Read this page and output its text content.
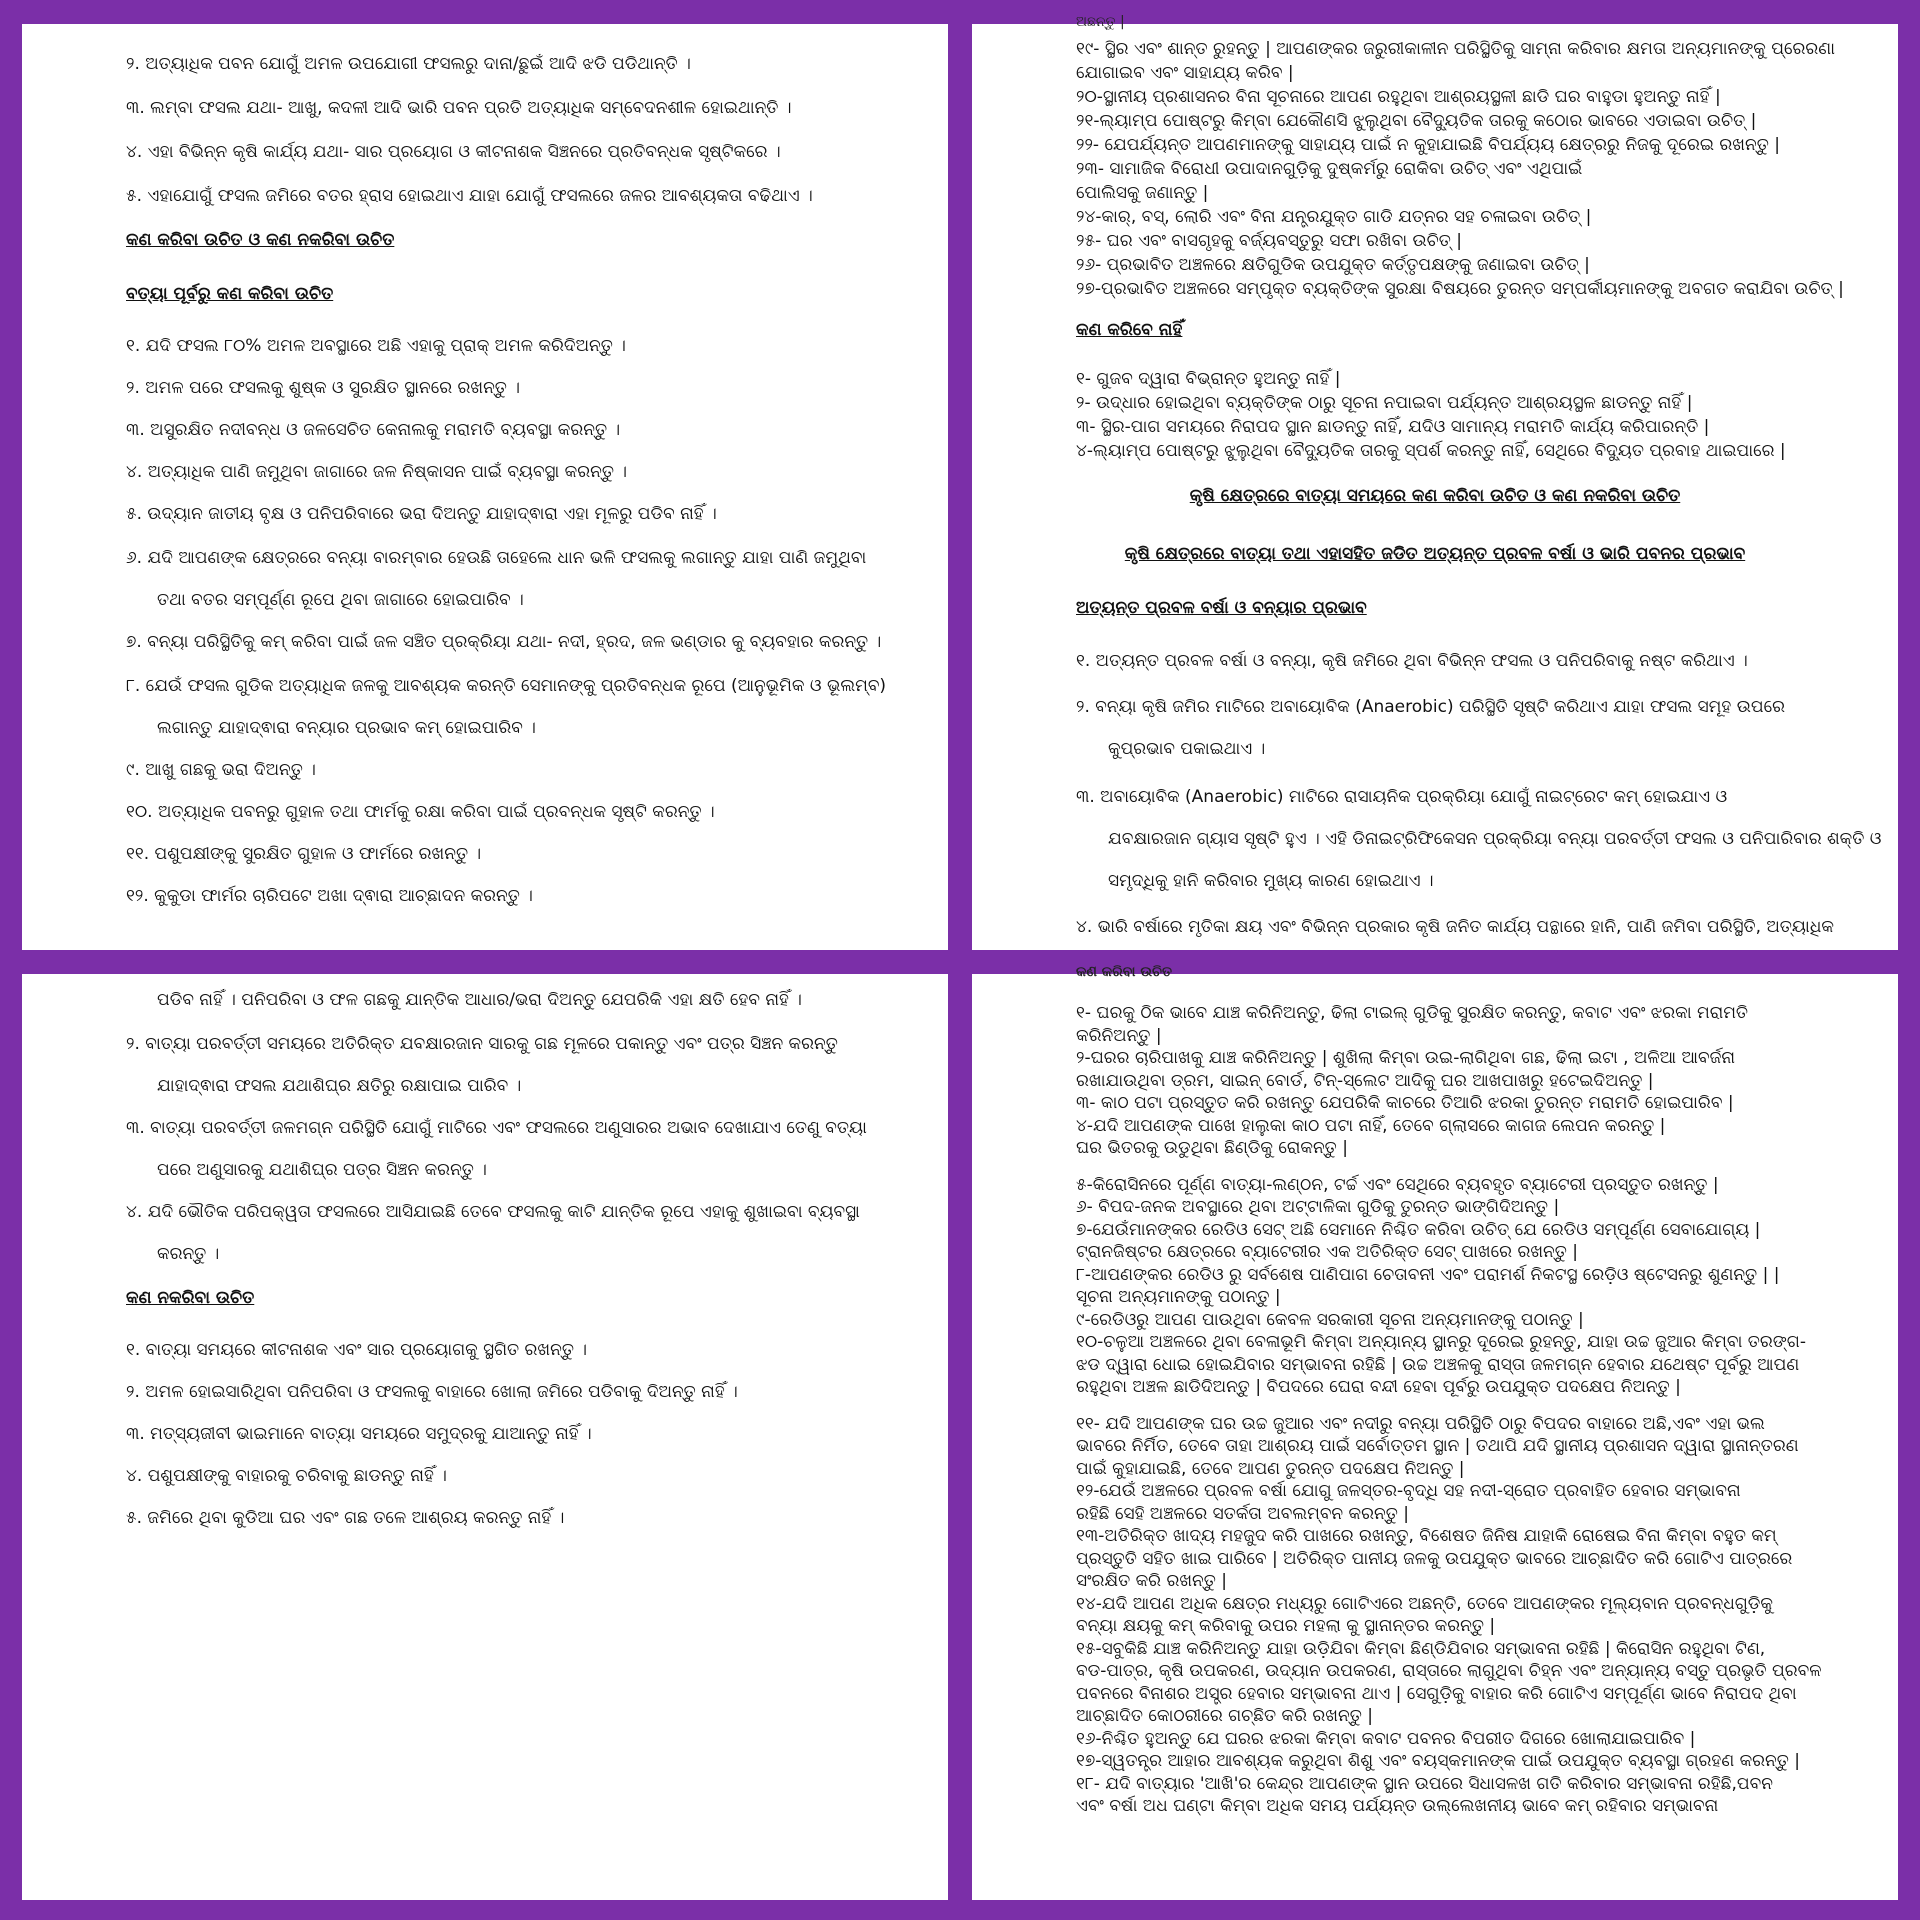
୨. ଅତ୍ୟାଧିକ ପବନ ଯୋଗୁଁ ଅମଳ ଉପଯୋଗୀ ଫସଲରୁ ଦାନା/ଛୁଇଁ ଆଦି ଝଡି ପଡିଥାନ୍ତି ।
୩. ଲମ୍ବା ଫସଲ ଯଥା- ଆଖୁ, କଦଳୀ ଆଦି ଭାରି ପବନ ପ୍ରତି ଅତ୍ୟାଧିକ ସମ୍ବେଦନଶୀଳ ହୋଇଥାନ୍ତି ।
୪. ଏହା ବିଭିନ୍ନ କୃଷି କାର୍ଯ୍ୟ ଯଥା- ସାର ପ୍ରୟୋଗ ଓ କୀଟନାଶକ ସିଞ୍ଚନରେ ପ୍ରତିବନ୍ଧକ ସୃଷ୍ଟିକରେ ।
୫. ଏହାଯୋଗୁଁ ଫସଲ ଜମିରେ ବତର ହ୍ରାସ ହୋଇଥାଏ ଯାହା ଯୋଗୁଁ ଫସଲରେ ଜଳର ଆବଶ୍ୟକତା ବଢିଥାଏ ।
କଣ କରିବା ଉଚିତ ଓ କଣ ନକରିବା ଉଚିତ
ବତ୍ୟା ପୂର୍ବରୁ କଣ କରିବା ଉଚିତ
୧. ଯଦି ଫସଲ ୮୦% ଅମଳ ଅବସ୍ଥାରେ ଅଛି ଏହାକୁ ପ୍ରାକ୍ ଅମଳ କରିଦିଅନ୍ତୁ ।
୨. ଅମଳ ପରେ ଫସଲକୁ ଶୁଷ୍କ ଓ ସୁରକ୍ଷିତ ସ୍ଥାନରେ ରଖନ୍ତୁ ।
୩. ଅସୁରକ୍ଷିତ ନଦୀବନ୍ଧ ଓ ଜଳସେଚିତ କେନାଲକୁ ମରାମତି ବ୍ୟବସ୍ଥା କରନ୍ତୁ ।
୪. ଅତ୍ୟାଧିକ ପାଣି ଜମୁଥିବା ଜାଗାରେ ଜଳ ନିଷ୍କାସନ ପାଇଁ ବ୍ୟବସ୍ଥା କରନ୍ତୁ ।
୫. ଉଦ୍ୟାନ ଜାତୀୟ ବୃକ୍ଷ ଓ ପନିପରିବାରେ ଭରା ଦିଅନ୍ତୁ ଯାହାଦ୍ଵାରା ଏହା ମୂଳରୁ ପଡିବ ନାହିଁ ।
୬. ଯଦି ଆପଣଙ୍କ କ୍ଷେତ୍ରରେ ବନ୍ୟା ବାରମ୍ବାର ହେଉଛି ତାହେଲେ ଧାନ ଭଳି ଫସଲକୁ ଲଗାନ୍ତୁ ଯାହା ପାଣି ଜମୁଥିବା
ତଥା ବତର ସମ୍ପୂର୍ଣ୍ଣ ରୂପେ ଥିବା ଜାଗାରେ ହୋଇପାରିବ ।
୭. ବନ୍ୟା ପରିସ୍ଥିତିକୁ କମ୍ କରିବା ପାଇଁ ଜଳ ସଞ୍ଚିତ ପ୍ରକ୍ରିୟା ଯଥା- ନଦୀ, ହ୍ରଦ, ଜଳ ଭଣ୍ଡାର କୁ ବ୍ୟବହାର କରନ୍ତୁ ।
୮. ଯେଉଁ ଫସଲ ଗୁଡିକ ଅତ୍ୟାଧିକ ଜଳକୁ ଆବଶ୍ୟକ କରନ୍ତି ସେମାନଙ୍କୁ ପ୍ରତିବନ୍ଧକ ରୂପେ (ଆନୁଭୂମିକ ଓ ଭୂଲମ୍ବ)
ଲଗାନ୍ତୁ ଯାହାଦ୍ଵାରା ବନ୍ୟାର ପ୍ରଭାବ କମ୍ ହୋଇପାରିବ ।
୯. ଆଖୁ ଗଛକୁ ଭରା ଦିଅନ୍ତୁ ।
୧୦. ଅତ୍ୟାଧିକ ପବନରୁ ଗୁହାଳ ତଥା ଫାର୍ମକୁ ରକ୍ଷା କରିବା ପାଇଁ ପ୍ରବନ୍ଧକ ସୃଷ୍ଟି କରନ୍ତୁ ।
୧୧. ପଶୁପକ୍ଷୀଙ୍କୁ ସୁରକ୍ଷିତ ଗୁହାଳ ଓ ଫାର୍ମରେ ରଖନ୍ତୁ ।
୧୨. କୁକୁଡା ଫାର୍ମର ଚାରିପଟେ ଅଖା ଦ୍ଵାରା ଆଚ୍ଛାଦନ କରନ୍ତୁ ।
ଅଛନ୍ତୁ |
୧୯- ସ୍ଥିର ଏବଂ ଶାନ୍ତ ରୁହନ୍ତୁ | ଆପଣଙ୍କର ଜରୁରୀକାଳୀନ ପରିସ୍ଥିତିକୁ ସାମ୍ନା କରିବାର କ୍ଷମତା ଅନ୍ୟମାନଙ୍କୁ ପ୍ରେରଣା
ଯୋଗାଇବ ଏବଂ ସାହାଯ୍ୟ କରିବ |
୨୦-ସ୍ଥାନୀୟ ପ୍ରଶାସନର ବିନା ସୂଚନାରେ ଆପଣ ରହୁଥିବା ଆଶ୍ରୟସ୍ଥଳୀ ଛାଡି ଘର ବାହୁଡା ହୁଅନ୍ତୁ ନାହିଁ |
୨୧-ଲ୍ୟାମ୍ପ ପୋଷ୍ଟରୁ କିମ୍ବା ଯେକୌଣସି ଝୁଲୁଥିବା ବୈଦ୍ୟୁତିକ ତାରକୁ କଠୋର ଭାବରେ ଏଡାଇବା ଉଚିତ୍ |
୨୨- ଯେପର୍ଯ୍ୟନ୍ତ ଆପଣମାନଙ୍କୁ ସାହାଯ୍ୟ ପାଇଁ ନ କୁହାଯାଇଛି ବିପର୍ଯ୍ୟୟ କ୍ଷେତ୍ରରୁ ନିଜକୁ ଦୂରେଇ ରଖନ୍ତୁ |
୨୩- ସାମାଜିକ ବିରୋଧୀ ଉପାଦାନଗୁଡ଼ିକୁ ଦୁଷ୍କର୍ମରୁ ରୋକିବା ଉଚିତ୍ ଏବଂ ଏଥିପାଇଁ
ପୋଲିସକୁ ଜଣାନ୍ତୁ |
୨୪-କାର୍, ବସ୍, ଲୋରି ଏବଂ ବିନା ଯନ୍ତ୍ରଯୁକ୍ତ ଗାଡି ଯତ୍ନର ସହ ଚଳାଇବା ଉଚିତ୍ |
୨୫- ଘର ଏବଂ ବାସଗୃହକୁ ବର୍ଜ୍ୟବସ୍ତୁରୁ ସଫା ରଖିବା ଉଚିତ୍ |
୨୬- ପ୍ରଭାବିତ ଅଞ୍ଚଳରେ କ୍ଷତିଗୁଡିକ ଉପଯୁକ୍ତ କର୍ତ୍ତୃପକ୍ଷଙ୍କୁ ଜଣାଇବା ଉଚିତ୍ |
୨୭-ପ୍ରଭାବିତ ଅଞ୍ଚଳରେ ସମ୍ପୃକ୍ତ ବ୍ୟକ୍ତିଙ୍କ ସୁରକ୍ଷା ବିଷୟରେ ତୁରନ୍ତ ସମ୍ପର୍କୀୟମାନଙ୍କୁ ଅବଗତ କରାଯିବା ଉଚିତ୍ |
କଣ କରିବେ ନାହିଁ
୧- ଗୁଜବ ଦ୍ୱାରା ବିଭ୍ରାନ୍ତ ହୁଅନ୍ତୁ ନାହିଁ |
୨- ଉଦ୍ଧାର ହୋଇଥିବା ବ୍ୟକ୍ତିଙ୍କ ଠାରୁ ସୂଚନା ନପାଇବା ପର୍ଯ୍ୟନ୍ତ ଆଶ୍ରୟସ୍ଥଳ ଛାଡନ୍ତୁ ନାହିଁ |
୩- ସ୍ଥିର-ପାଗ ସମୟରେ ନିରାପଦ ସ୍ଥାନ ଛାଡନ୍ତୁ ନାହିଁ, ଯଦିଓ ସାମାନ୍ୟ ମରାମତି କାର୍ଯ୍ୟ କରିପାରନ୍ତି |
୪-ଲ୍ୟାମ୍ପ ପୋଷ୍ଟରୁ ଝୁଲୁଥିବା ବୈଦ୍ୟୁତିକ ତାରକୁ ସ୍ପର୍ଶ କରନ୍ତୁ ନାହିଁ, ସେଥିରେ ବିଦ୍ୟୁତ ପ୍ରବାହ ଥାଇପାରେ |
କୃଷି କ୍ଷେତ୍ରରେ ବାତ୍ୟା ସମୟରେ କଣ କରିବା ଉଚିତ ଓ କଣ ନକରିବା ଉଚିତ
କୃଷି କ୍ଷେତ୍ରରେ ବାତ୍ୟା ତଥା ଏହାସହିତ ଜଡିତ ଅତ୍ୟନ୍ତ ପ୍ରବଳ ବର୍ଷା ଓ ଭାରି ପବନର ପ୍ରଭାବ
ଅତ୍ୟନ୍ତ ପ୍ରବଳ ବର୍ଷା ଓ ବନ୍ୟାର ପ୍ରଭାବ
୧. ଅତ୍ୟନ୍ତ ପ୍ରବଳ ବର୍ଷା ଓ ବନ୍ୟା, କୃଷି ଜମିରେ ଥିବା ବିଭିନ୍ନ ଫସଲ ଓ ପନିପରିବାକୁ ନଷ୍ଟ କରିଥାଏ ।
୨. ବନ୍ୟା କୃଷି ଜମିର ମାଟିରେ ଅବାୟୋବିକ (Anaerobic) ପରିସ୍ଥିତି ସୃଷ୍ଟି କରିଥାଏ ଯାହା ଫସଲ ସମୂହ ଉପରେ
କୁପ୍ରଭାବ ପକାଇଥାଏ ।
୩. ଅବାୟୋବିକ (Anaerobic) ମାଟିରେ ରାସାୟନିକ ପ୍ରକ୍ରିୟା ଯୋଗୁଁ ନାଇଟ୍ରେଟ କମ୍ ହୋଇଯାଏ ଓ
ଯବକ୍ଷାରଜାନ ଗ୍ୟାସ ସୃଷ୍ଟି ହୁଏ । ଏହି ଡିନାଇଟ୍ରିଫିକେସନ ପ୍ରକ୍ରିୟା ବନ୍ୟା ପରବର୍ତ୍ତୀ ଫସଲ ଓ ପନିପାରିବାର ଶକ୍ତି ଓ
ସମୃଦ୍ଧିକୁ ହାନି କରିବାର ମୁଖ୍ୟ କାରଣ ହୋଇଥାଏ ।
୪. ଭାରି ବର୍ଷାରେ ମୃତିକା କ୍ଷୟ ଏବଂ ବିଭିନ୍ନ ପ୍ରକାର କୃଷି ଜନିତ କାର୍ଯ୍ୟ ପନ୍ଥାରେ ହାନି, ପାଣି ଜମିବା ପରିସ୍ଥିତି, ଅତ୍ୟାଧିକ
ପଡିବ ନାହିଁ । ପନିପରିବା ଓ ଫଳ ଗଛକୁ ଯାନ୍ତିକ ଆଧାର/ଭରା ଦିଅନ୍ତୁ ଯେପରିକି ଏହା କ୍ଷତି ହେବ ନାହିଁ ।
୨. ବାତ୍ୟା ପରବର୍ତ୍ତୀ ସମୟରେ ଅତିରିକ୍ତ ଯବକ୍ଷାରଜାନ ସାରକୁ ଗଛ ମୂଳରେ ପକାନ୍ତୁ ଏବଂ ପତ୍ର ସିଞ୍ଚନ କରନ୍ତୁ
ଯାହାଦ୍ଵାରା ଫସଲ ଯଥାଶିଘ୍ର କ୍ଷତିରୁ ରକ୍ଷାପାଇ ପାରିବ ।
୩. ବାତ୍ୟା ପରବର୍ତ୍ତୀ ଜଳମଗ୍ନ ପରିସ୍ଥିତି ଯୋଗୁଁ ମାଟିରେ ଏବଂ ଫସଲରେ ଅଣୁସାରର ଅଭାବ ଦେଖାଯାଏ ତେଣୁ ବତ୍ୟା
ପରେ ଅଣୁସାରକୁ ଯଥାଶିଘ୍ର ପତ୍ର ସିଞ୍ଚନ କରନ୍ତୁ ।
୪. ଯଦି ଭୌତିକ ପରିପକ୍ୱତା ଫସଲରେ ଆସିଯାଇଛି ତେବେ ଫସଲକୁ କାଟି ଯାନ୍ତିକ ରୂପେ ଏହାକୁ ଶୁଖାଇବା ବ୍ୟବସ୍ଥା
କରନ୍ତୁ ।
କଣ ନକରିବା ଉଚିତ
୧. ବାତ୍ୟା ସମୟରେ କୀଟନାଶକ ଏବଂ ସାର ପ୍ରୟୋଗକୁ ସ୍ଥଗିତ ରଖନ୍ତୁ ।
୨. ଅମଳ ହୋଇସାରିଥିବା ପନିପରିବା ଓ ଫସଲକୁ ବାହାରେ ଖୋଲା ଜମିରେ ପଡିବାକୁ ଦିଅନ୍ତୁ ନାହିଁ ।
୩. ମତ୍ସ୍ୟଜୀବୀ ଭାଇମାନେ ବାତ୍ୟା ସମୟରେ ସମୁଦ୍ରକୁ ଯାଆନ୍ତୁ ନାହିଁ ।
୪. ପଶୁପକ୍ଷୀଙ୍କୁ ବାହାରକୁ ଚରିବାକୁ ଛାଡନ୍ତୁ ନାହିଁ ।
୫. ଜମିରେ ଥିବା କୁଡିଆ ଘର ଏବଂ ଗଛ ତଳେ ଆଶ୍ରୟ କରନ୍ତୁ ନାହିଁ ।
କଣ କରିବା ଉଚିତ
୧- ଘରକୁ ଠିକ ଭାବେ ଯାଞ୍ଚ କରିନିଅନ୍ତୁ, ଢିଲା ଟାଇଲ୍ ଗୁଡିକୁ ସୁରକ୍ଷିତ କରନ୍ତୁ, କବାଟ ଏବଂ ଝରକା ମରାମତି
କରିନିଅନ୍ତୁ |
୨-ଘରର ଚାରିପାଖକୁ ଯାଞ୍ଚ କରିନିଅନ୍ତୁ | ଶୁଖିଲା କିମ୍ବା ଉଇ-ଲାଗିଥିବା ଗଛ, ଢିଲା ଇଟା , ଅଳିଆ ଆବର୍ଜନା
ରଖାଯାଉଥିବା ଡ୍ରମ, ସାଇନ୍ ବୋର୍ଡ, ଟିନ୍-ସ୍ଲେଟ ଆଦିକୁ ଘର ଆଖପାଖରୁ ହଟେଇଦିଅନ୍ତୁ |
୩- କାଠ ପଟା ପ୍ରସ୍ତୁତ କରି ରଖନ୍ତୁ ଯେପରିକି କାଚରେ ତିଆରି ଝରକା ତୁରନ୍ତ ମରାମତି ହୋଇପାରିବ |
୪-ଯଦି ଆପଣଙ୍କ ପାଖେ ହାଲୁକା କାଠ ପଟା ନାହିଁ, ତେବେ ଗ୍ଲାସରେ କାଗଜ ଲେପନ କରନ୍ତୁ |
ଘର ଭିତରକୁ ଉଡୁଥିବା ଛିଣ୍ଡିକୁ ରୋକନ୍ତୁ |
୫-କିରୋସିନରେ ପୂର୍ଣ୍ଣ ବାତ୍ୟା-ଲଣ୍ଠନ, ଟର୍ଚ୍ଚ ଏବଂ ସେଥିରେ ବ୍ୟବହୃତ ବ୍ୟାଟେରୀ ପ୍ରସ୍ତୁତ ରଖନ୍ତୁ |
୬- ବିପଦ-ଜନକ ଅବସ୍ଥାରେ ଥିବା ଅଟ୍ଟାଳିକା ଗୁଡିକୁ ତୁରନ୍ତ ଭାଙ୍ଗିଦିଅନ୍ତୁ |
୭-ଯେଉଁମାନଙ୍କର ରେଡିଓ ସେଟ୍ ଅଛି ସେମାନେ ନିଶ୍ଚିତ କରିବା ଉଚିତ୍ ଯେ ରେଡିଓ ସମ୍ପୂର୍ଣ୍ଣ ସେବାଯୋଗ୍ୟ |
ଟ୍ରାନଜିଷ୍ଟର କ୍ଷେତ୍ରରେ ବ୍ୟାଟେରୀର ଏକ ଅତିରିକ୍ତ ସେଟ୍ ପାଖରେ ରଖନ୍ତୁ |
୮-ଆପଣଙ୍କର ରେଡିଓ ରୁ ସର୍ବଶେଷ ପାଣିପାଗ ଚେତାବନୀ ଏବଂ ପରାମର୍ଶ ନିକଟସ୍ଥ ରେଡ଼ିଓ ଷ୍ଟେସନରୁ ଶୁଣନ୍ତୁ | |
ସୂଚନା ଅନ୍ୟମାନଙ୍କୁ ପଠାନ୍ତୁ |
୯-ରେଡିଓରୁ ଆପଣ ପାଉଥିବା କେବଳ ସରକାରୀ ସୂଚନା ଅନ୍ୟମାନଙ୍କୁ ପଠାନ୍ତୁ |
୧୦-ଚଳୁଆ ଅଞ୍ଚଳରେ ଥିବା ବେଳାଭୂମି କିମ୍ବା ଅନ୍ୟାନ୍ୟ ସ୍ଥାନରୁ ଦୂରେଇ ରୁହନ୍ତୁ, ଯାହା ଉଚ୍ଚ ଜୁଆର କିମ୍ବା ତରଙ୍ଗ-
ଝଡ ଦ୍ୱାରା ଧୋଇ ହୋଇଯିବାର ସମ୍ଭାବନା ରହିଛି | ଉଚ୍ଚ ଅଞ୍ଚଳକୁ ରାସ୍ତା ଜଳମଗ୍ନ ହେବାର ଯଥେଷ୍ଟ ପୂର୍ବରୁ ଆପଣ
ରହୁଥିବା ଅଞ୍ଚଳ ଛାଡିଦିଅନ୍ତୁ | ବିପଦରେ ଘେରା ବନ୍ଦୀ ହେବା ପୂର୍ବରୁ ଉପଯୁକ୍ତ ପଦକ୍ଷେପ ନିଅନ୍ତୁ |
୧୧- ଯଦି ଆପଣଙ୍କ ଘର ଉଚ୍ଚ ଜୁଆର ଏବଂ ନଦୀରୁ ବନ୍ୟା ପରିସ୍ଥିତି ଠାରୁ ବିପଦର ବାହାରେ ଅଛି,ଏବଂ ଏହା ଭଲ
ଭାବରେ ନିର୍ମିତ, ତେବେ ତାହା ଆଶ୍ରୟ ପାଇଁ ସର୍ବୋତ୍ତମ ସ୍ଥାନ | ତଥାପି ଯଦି ସ୍ଥାନୀୟ ପ୍ରଶାସନ ଦ୍ୱାରା ସ୍ଥାନାନ୍ତରଣ
ପାଇଁ କୁହାଯାଇଛି, ତେବେ ଆପଣ ତୁରନ୍ତ ପଦକ୍ଷେପ ନିଅନ୍ତୁ |
୧୨-ଯେଉଁ ଅଞ୍ଚଳରେ ପ୍ରବଳ ବର୍ଷା ଯୋଗୁ ଜଳସ୍ତର-ବୃଦ୍ଧି ସହ ନଦୀ-ସ୍ରୋତ ପ୍ରବାହିତ ହେବାର ସମ୍ଭାବନା
ରହିଛି ସେହି ଅଞ୍ଚଳରେ ସତର୍କତା ଅବଲମ୍ବନ କରନ୍ତୁ |
୧୩-ଅତିରିକ୍ତ ଖାଦ୍ୟ ମହଜୁଦ କରି ପାଖରେ ରଖନ୍ତୁ, ବିଶେଷତ ଜିନିଷ ଯାହାକି ରୋଷେଇ ବିନା କିମ୍ବା ବହୁତ କମ୍
ପ୍ରସ୍ତୁତି ସହିତ ଖାଇ ପାରିବେ | ଅତିରିକ୍ତ ପାନୀୟ ଜଳକୁ ଉପଯୁକ୍ତ ଭାବରେ ଆଚ୍ଛାଦିତ କରି ଗୋଟିଏ ପାତ୍ରରେ
ସଂରକ୍ଷିତ କରି ରଖନ୍ତୁ |
୧୪-ଯଦି ଆପଣ ଅଧିକ କ୍ଷେତ୍ର ମଧ୍ୟରୁ ଗୋଟିଏରେ ଅଛନ୍ତି, ତେବେ ଆପଣଙ୍କର ମୂଲ୍ୟବାନ ପ୍ରବନ୍ଧଗୁଡ଼ିକୁ
ବନ୍ୟା କ୍ଷୟକୁ କମ୍ କରିବାକୁ ଉପର ମହଲା କୁ ସ୍ଥାନାନ୍ତର କରନ୍ତୁ |
୧୫-ସବୁକିଛି ଯାଞ୍ଚ କରିନିଅନ୍ତୁ ଯାହା ଉଡ଼ିଯିବା କିମ୍ବା ଛିଣ୍ଡିଯିବାର ସମ୍ଭାବନା ରହିଛି | କିରୋସିନ ରହୁଥିବା ଟିଣ,
ବଡ-ପାତ୍ର, କୃଷି ଉପକରଣ, ଉଦ୍ୟାନ ଉପକରଣ, ରାସ୍ତାରେ ଲାଗୁଥିବା ଚିହ୍ନ ଏବଂ ଅନ୍ୟାନ୍ୟ ବସ୍ତୁ ପ୍ରଭୃତି ପ୍ରବଳ
ପବନରେ ବିନାଶର ଅସ୍ତ୍ର ହେବାର ସମ୍ଭାବନା ଥାଏ | ସେଗୁଡ଼ିକୁ ବାହାର କରି ଗୋଟିଏ ସମ୍ପୂର୍ଣ୍ଣ ଭାବେ ନିରାପଦ ଥିବା
ଆଚ୍ଛାଦିତ କୋଠରୀରେ ଗଚ୍ଛିତ କରି ରଖନ୍ତୁ |
୧୬-ନିଶ୍ଚିତ ହୁଅନ୍ତୁ ଯେ ଘରର ଝରକା କିମ୍ବା କବାଟ ପବନର ବିପରୀତ ଦିଗରେ ଖୋଲାଯାଇପାରିବ |
୧୭-ସ୍ୱତନ୍ତ୍ର ଆହାର ଆବଶ୍ୟକ କରୁଥିବା ଶିଶୁ ଏବଂ ବୟସ୍କମାନଙ୍କ ପାଇଁ ଉପଯୁକ୍ତ ବ୍ୟବସ୍ଥା ଗ୍ରହଣ କରନ୍ତୁ |
୧୮- ଯଦି ବାତ୍ୟାର 'ଆଖି'ର କେନ୍ଦ୍ର ଆପଣଙ୍କ ସ୍ଥାନ ଉପରେ ସିଧାସଳଖ ଗତି କରିବାର ସମ୍ଭାବନା ରହିଛି,ପବନ
ଏବଂ ବର୍ଷା ଅଧ ଘଣ୍ଟା କିମ୍ବା ଅଧିକ ସମୟ ପର୍ଯ୍ୟନ୍ତ ଉଲ୍ଲେଖନୀୟ ଭାବେ କମ୍ ରହିବାର ସମ୍ଭାବନା
